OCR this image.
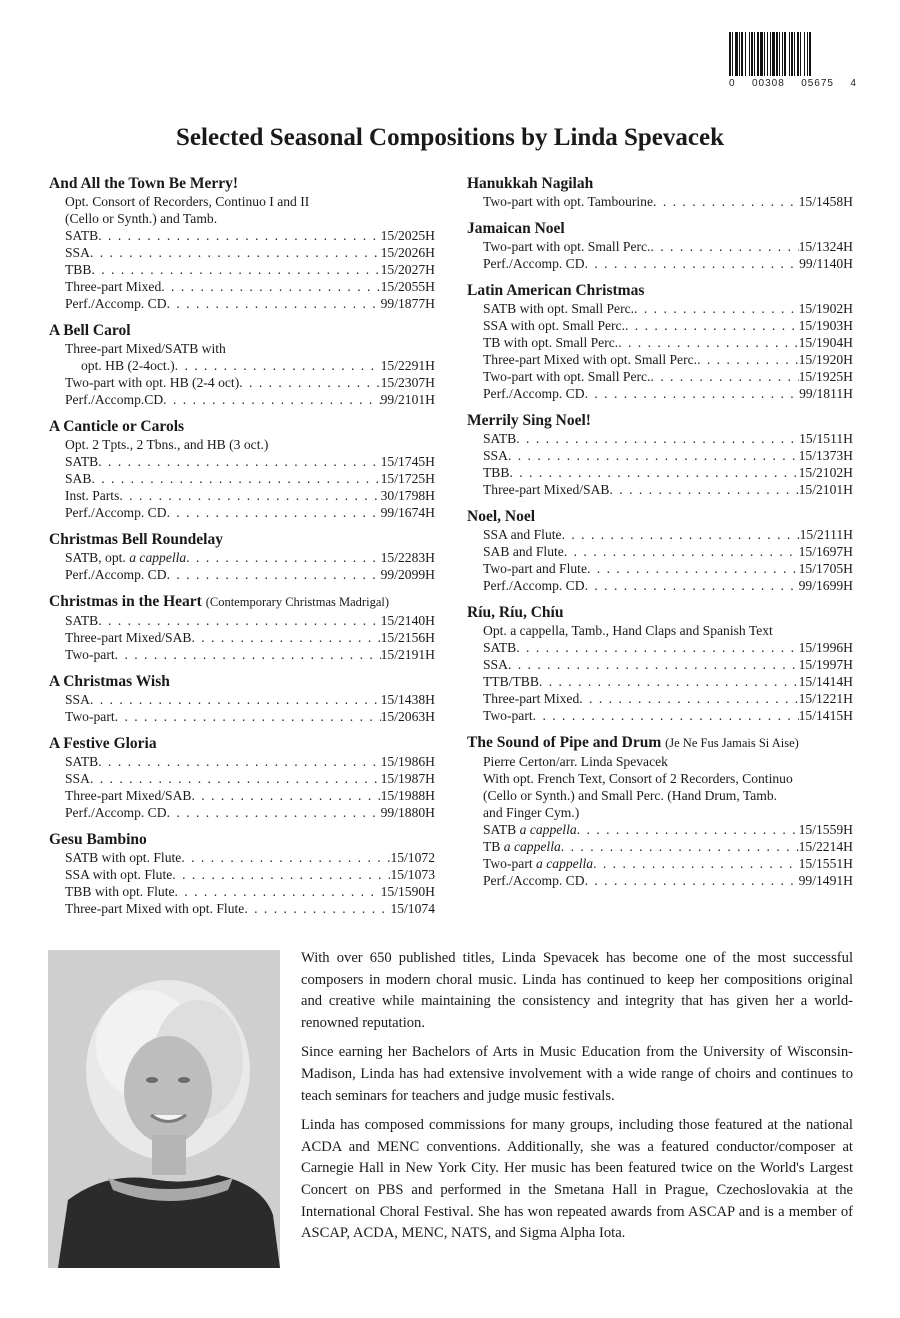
0 00308 05675 4
Selected Seasonal Compositions by Linda Spevacek
And All the Town Be Merry!
Opt. Consort of Recorders, Continuo I and II
(Cello or Synth.) and Tamb.
SATB . . .	15/2025H
SSA . . .	15/2026H
TBB . . .	15/2027H
Three-part Mixed . . .	15/2055H
Perf./Accomp. CD . . .	99/1877H
A Bell Carol
Three-part Mixed/SATB with
opt. HB (2-4oct.) . . .	15/2291H
Two-part with opt. HB (2-4 oct) . . .	15/2307H
Perf./Accomp.CD . . .	99/2101H
A Canticle or Carols
Opt. 2 Tpts., 2 Tbns., and HB (3 oct.)
SATB . . .	15/1745H
SAB . . .	15/1725H
Inst. Parts . . .	30/1798H
Perf./Accomp. CD . . .	99/1674H
Christmas Bell Roundelay
SATB, opt. a cappella . . .	15/2283H
Perf./Accomp. CD . . .	99/2099H
Christmas in the Heart (Contemporary Christmas Madrigal)
SATB . . .	15/2140H
Three-part Mixed/SAB . . .	15/2156H
Two-part . . .	15/2191H
A Christmas Wish
SSA . . .	15/1438H
Two-part . . .	15/2063H
A Festive Gloria
SATB . . .	15/1986H
SSA . . .	15/1987H
Three-part Mixed/SAB . . .	15/1988H
Perf./Accomp. CD . . .	99/1880H
Gesu Bambino
SATB with opt. Flute . . .	15/1072
SSA with opt. Flute . . .	15/1073
TBB with opt. Flute . . .	15/1590H
Three-part Mixed with opt. Flute . . .	15/1074
Hanukkah Nagilah
Two-part with opt. Tambourine . . .	15/1458H
Jamaican Noel
Two-part with opt. Small Perc. . . .	15/1324H
Perf./Accomp. CD . . .	99/1140H
Latin American Christmas
SATB with opt. Small Perc. . . .	15/1902H
SSA with opt. Small Perc. . . .	15/1903H
TB with opt. Small Perc. . . .	15/1904H
Three-part Mixed with opt. Small Perc. . . .	15/1920H
Two-part with opt. Small Perc. . . .	15/1925H
Perf./Accomp. CD . . .	99/1811H
Merrily Sing Noel!
SATB . . .	15/1511H
SSA . . .	15/1373H
TBB . . .	15/2102H
Three-part Mixed/SAB . . .	15/2101H
Noel, Noel
SSA and Flute . . .	15/2111H
SAB and Flute . . .	15/1697H
Two-part and Flute . . .	15/1705H
Perf./Accomp. CD . . .	99/1699H
Ríu, Ríu, Chíu
Opt. a cappella, Tamb., Hand Claps and Spanish Text
SATB . . .	15/1996H
SSA . . .	15/1997H
TTB/TBB . . .	15/1414H
Three-part Mixed . . .	15/1221H
Two-part . . .	15/1415H
The Sound of Pipe and Drum (Je Ne Fus Jamais Si Aise)
Pierre Certon/arr. Linda Spevacek
With opt. French Text, Consort of 2 Recorders, Continuo
(Cello or Synth.) and Small Perc. (Hand Drum, Tamb.
and Finger Cym.)
SATB a cappella . . .	15/1559H
TB a cappella . . .	15/2214H
Two-part a cappella . . .	15/1551H
Perf./Accomp. CD . . .	99/1491H

With over 650 published titles, Linda Spevacek has become one of the most successful composers in modern choral music. Linda has continued to keep her compositions original and creative while maintaining the consistency and integrity that has given her a world-renowned reputation.

Since earning her Bachelors of Arts in Music Education from the University of Wisconsin-Madison, Linda has had extensive involvement with a wide range of choirs and continues to teach seminars for teachers and judge music festivals.

Linda has composed commissions for many groups, including those featured at the national ACDA and MENC conventions. Additionally, she was a featured conductor/composer at Carnegie Hall in New York City. Her music has been featured twice on the World's Largest Concert on PBS and performed in the Smetana Hall in Prague, Czechoslovakia at the International Choral Festival. She has won repeated awards from ASCAP and is a member of ASCAP, ACDA, MENC, NATS, and Sigma Alpha Iota.
